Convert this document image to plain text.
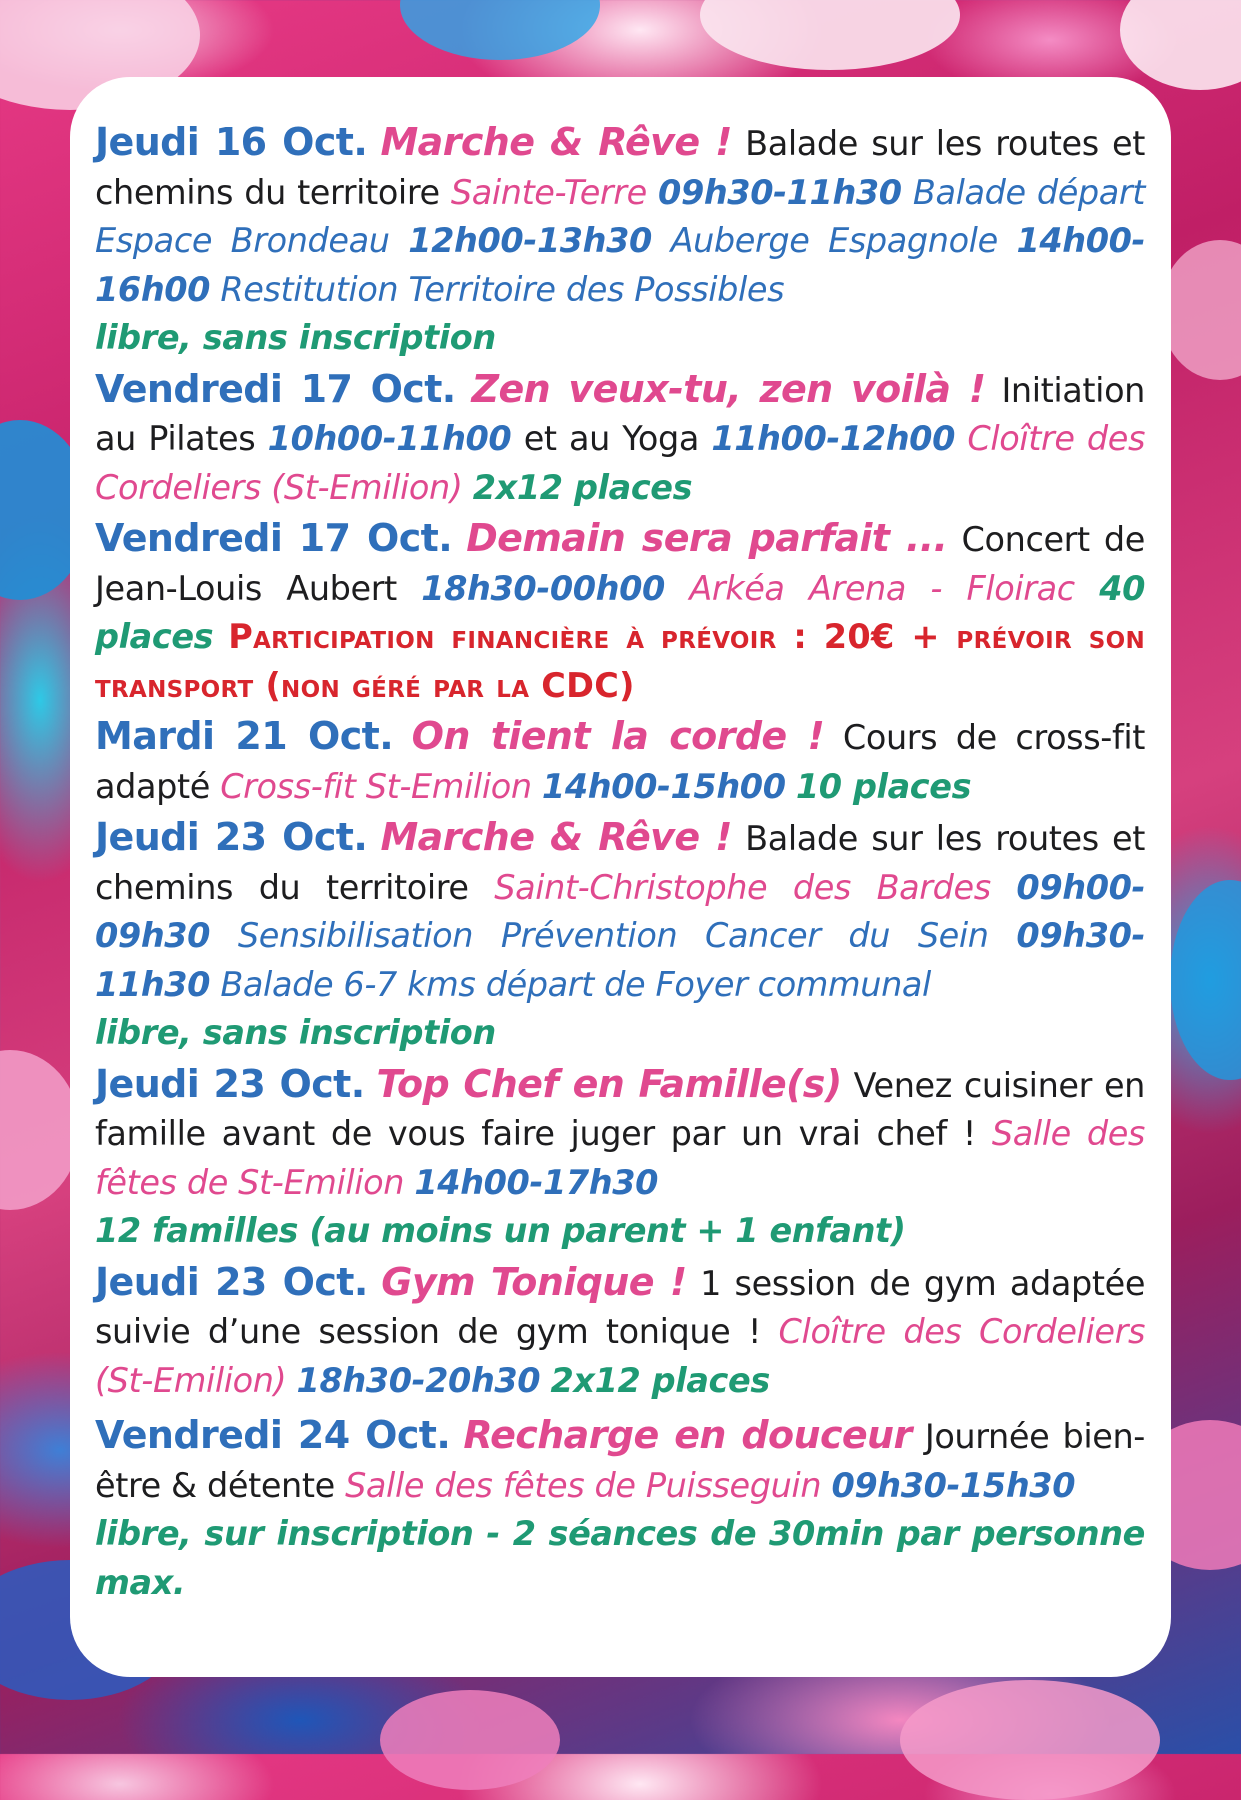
Jeudi 16 Oct. Marche & Rêve ! Balade sur les routes et chemins du territoire Sainte-Terre 09h30-11h30 Balade départ Espace Brondeau 12h00-13h30 Auberge Espagnole 14h00-16h00 Restitution Territoire des Possibles
libre, sans inscription
Vendredi 17 Oct. Zen veux-tu, zen voilà ! Initiation au Pilates 10h00-11h00 et au Yoga 11h00-12h00 Cloître des Cordeliers (St-Emilion) 2x12 places
Vendredi 17 Oct. Demain sera parfait ... Concert de Jean-Louis Aubert 18h30-00h00 Arkéa Arena - Floirac 40 places Participation financière à prévoir : 20€ + prévoir son transport (non géré par la CDC)
Mardi 21 Oct. On tient la corde ! Cours de cross-fit adapté Cross-fit St-Emilion 14h00-15h00 10 places
Jeudi 23 Oct. Marche & Rêve ! Balade sur les routes et chemins du territoire Saint-Christophe des Bardes 09h00-09h30 Sensibilisation Prévention Cancer du Sein 09h30-11h30 Balade 6-7 kms départ de Foyer communal
libre, sans inscription
Jeudi 23 Oct. Top Chef en Famille(s) Venez cuisiner en famille avant de vous faire juger par un vrai chef ! Salle des fêtes de St-Emilion 14h00-17h30
12 familles (au moins un parent + 1 enfant)
Jeudi 23 Oct. Gym Tonique ! 1 session de gym adaptée suivie d’une session de gym tonique ! Cloître des Cordeliers (St-Emilion) 18h30-20h30 2x12 places
Vendredi 24 Oct. Recharge en douceur Journée bien-être & détente Salle des fêtes de Puisseguin 09h30-15h30
libre, sur inscription - 2 séances de 30min par personne max.
